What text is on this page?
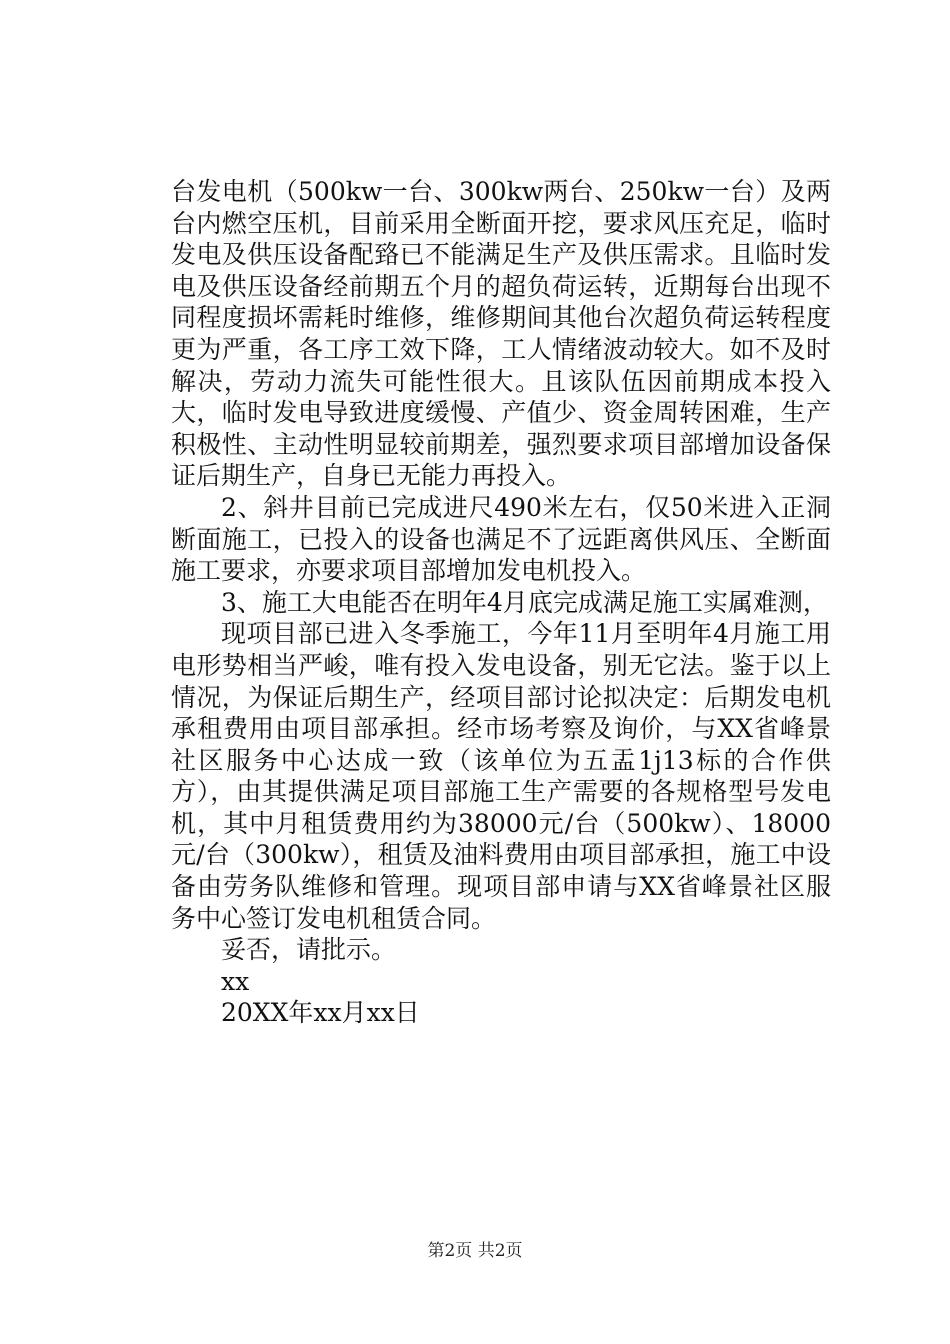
台发电机（500kw一台、300kw两台、250kw一台）及两台内燃空压机，目前采用全断面开挖，要求风压充足，临时发电及供压设备配臵已不能满足生产及供压需求。且临时发电及供压设备经前期五个月的超负荷运转，近期每台出现不同程度损坏需耗时维修，维修期间其他台次超负荷运转程度更为严重，各工序工效下降，工人情绪波动较大。如不及时解决，劳动力流失可能性很大。且该队伍因前期成本投入大，临时发电导致进度缓慢、产值少、资金周转困难，生产积极性、主动性明显较前期差，强烈要求项目部增加设备保证后期生产，自身已无能力再投入。

2、斜井目前已完成进尺490米左右，仅50米进入正洞断面施工，已投入的设备也满足不了远距离供风压、全断面施工要求，亦要求项目部增加发电机投入。

3、施工大电能否在明年4月底完成满足施工实属难测，

现项目部已进入冬季施工，今年11月至明年4月施工用电形势相当严峻，唯有投入发电设备，别无它法。鉴于以上情况，为保证后期生产，经项目部讨论拟决定：后期发电机承租费用由项目部承担。经市场考察及询价，与XX省峰景社区服务中心达成一致（该单位为五盂1j13标的合作供方），由其提供满足项目部施工生产需要的各规格型号发电机，其中月租赁费用约为38000元/台（500kw）、18000元/台（300kw），租赁及油料费用由项目部承担，施工中设备由劳务队维修和管理。现项目部申请与XX省峰景社区服务中心签订发电机租赁合同。

妥否，请批示。

xx

20XX年xx月xx日

第2页 共2页
